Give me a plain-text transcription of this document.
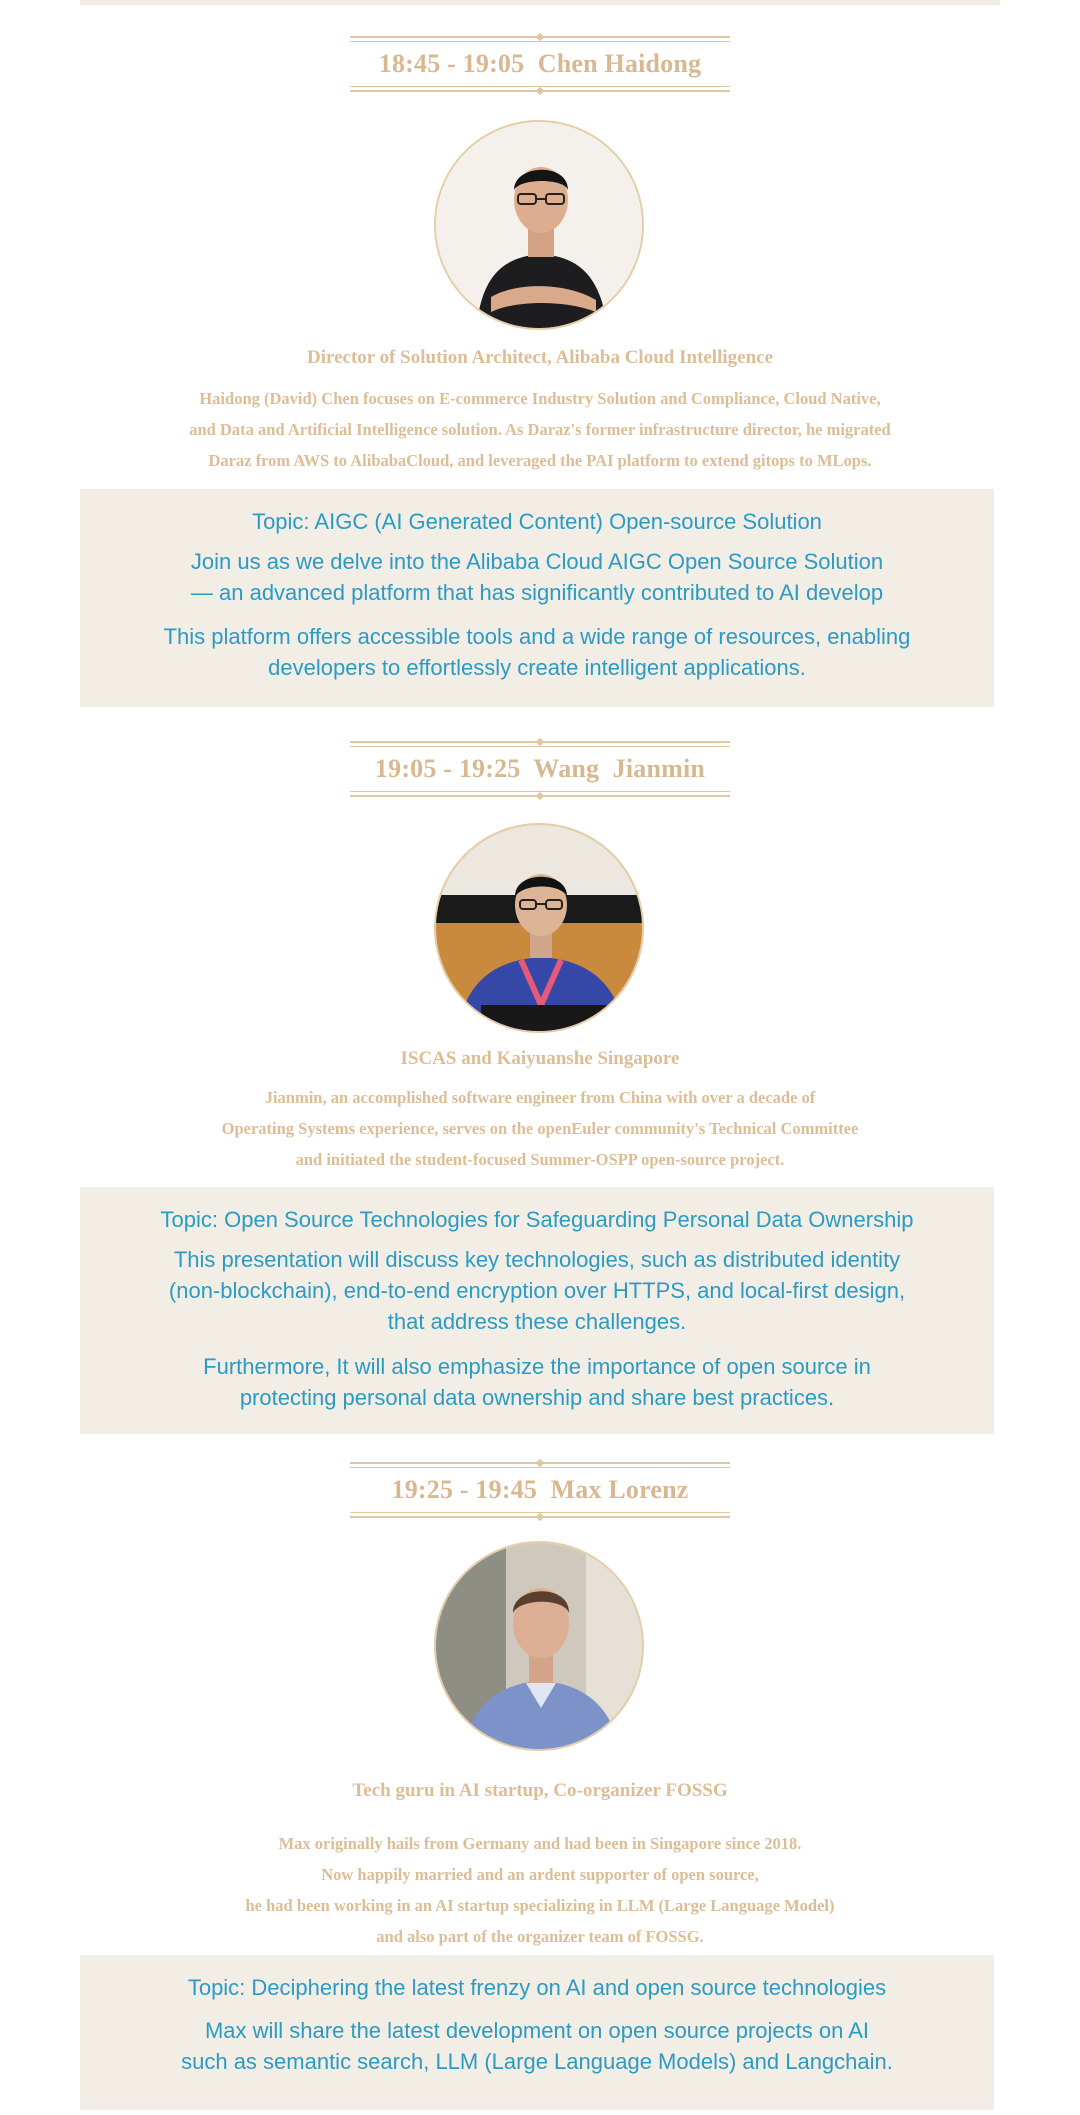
18:45 - 19:05  Chen Haidong
Director of Solution Architect, Alibaba Cloud Intelligence
Haidong (David) Chen focuses on E-commerce Industry Solution and Compliance, Cloud Native,
and Data and Artificial Intelligence solution. As Daraz's former infrastructure director, he migrated
Daraz from AWS to AlibabaCloud, and leveraged the PAI platform to extend gitops to MLops.
Topic: AIGC (AI Generated Content) Open-source Solution
Join us as we delve into the Alibaba Cloud AIGC Open Source Solution
— an advanced platform that has significantly contributed to AI develop
This platform offers accessible tools and a wide range of resources, enabling
developers to effortlessly create intelligent applications.
19:05 - 19:25  Wang  Jianmin
ISCAS and Kaiyuanshe Singapore
Jianmin, an accomplished software engineer from China with over a decade of
Operating Systems experience, serves on the openEuler community's Technical Committee
and initiated the student-focused Summer-OSPP open-source project.
Topic: Open Source Technologies for Safeguarding Personal Data Ownership
This presentation will discuss key technologies, such as distributed identity
(non-blockchain), end-to-end encryption over HTTPS, and local-first design,
that address these challenges.
Furthermore, It will also emphasize the importance of open source in
protecting personal data ownership and share best practices.
19:25 - 19:45  Max Lorenz
Tech guru in AI startup, Co-organizer FOSSG
Max originally hails from Germany and had been in Singapore since 2018.
Now happily married and an ardent supporter of open source,
he had been working in an AI startup specializing in LLM (Large Language Model)
and also part of the organizer team of FOSSG.
Topic: Deciphering the latest frenzy on AI and open source technologies
Max will share the latest development on open source projects on AI
such as semantic search, LLM (Large Language Models) and Langchain.
